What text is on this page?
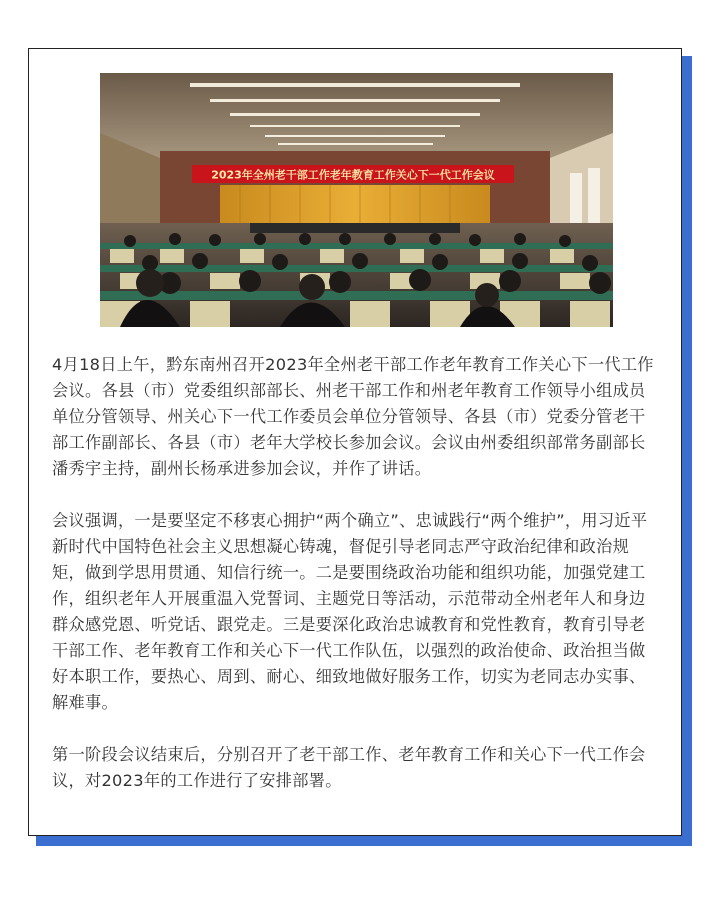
2023年全州老干部工作老年教育工作关心下一代工作会议

4月18日上午，黔东南州召开2023年全州老干部工作老年教育工作关心下一代工作会议。各县（市）党委组织部部长、州老干部工作和州老年教育工作领导小组成员单位分管领导、州关心下一代工作委员会单位分管领导、各县（市）党委分管老干部工作副部长、各县（市）老年大学校长参加会议。会议由州委组织部常务副部长潘秀宇主持，副州长杨承进参加会议，并作了讲话。

会议强调，一是要坚定不移衷心拥护“两个确立”、忠诚践行“两个维护”，用习近平新时代中国特色社会主义思想凝心铸魂，督促引导老同志严守政治纪律和政治规矩，做到学思用贯通、知信行统一。二是要围绕政治功能和组织功能，加强党建工作，组织老年人开展重温入党誓词、主题党日等活动，示范带动全州老年人和身边群众感党恩、听党话、跟党走。三是要深化政治忠诚教育和党性教育，教育引导老干部工作、老年教育工作和关心下一代工作队伍，以强烈的政治使命、政治担当做好本职工作，要热心、周到、耐心、细致地做好服务工作，切实为老同志办实事、解难事。

第一阶段会议结束后，分别召开了老干部工作、老年教育工作和关心下一代工作会议，对2023年的工作进行了安排部署。
